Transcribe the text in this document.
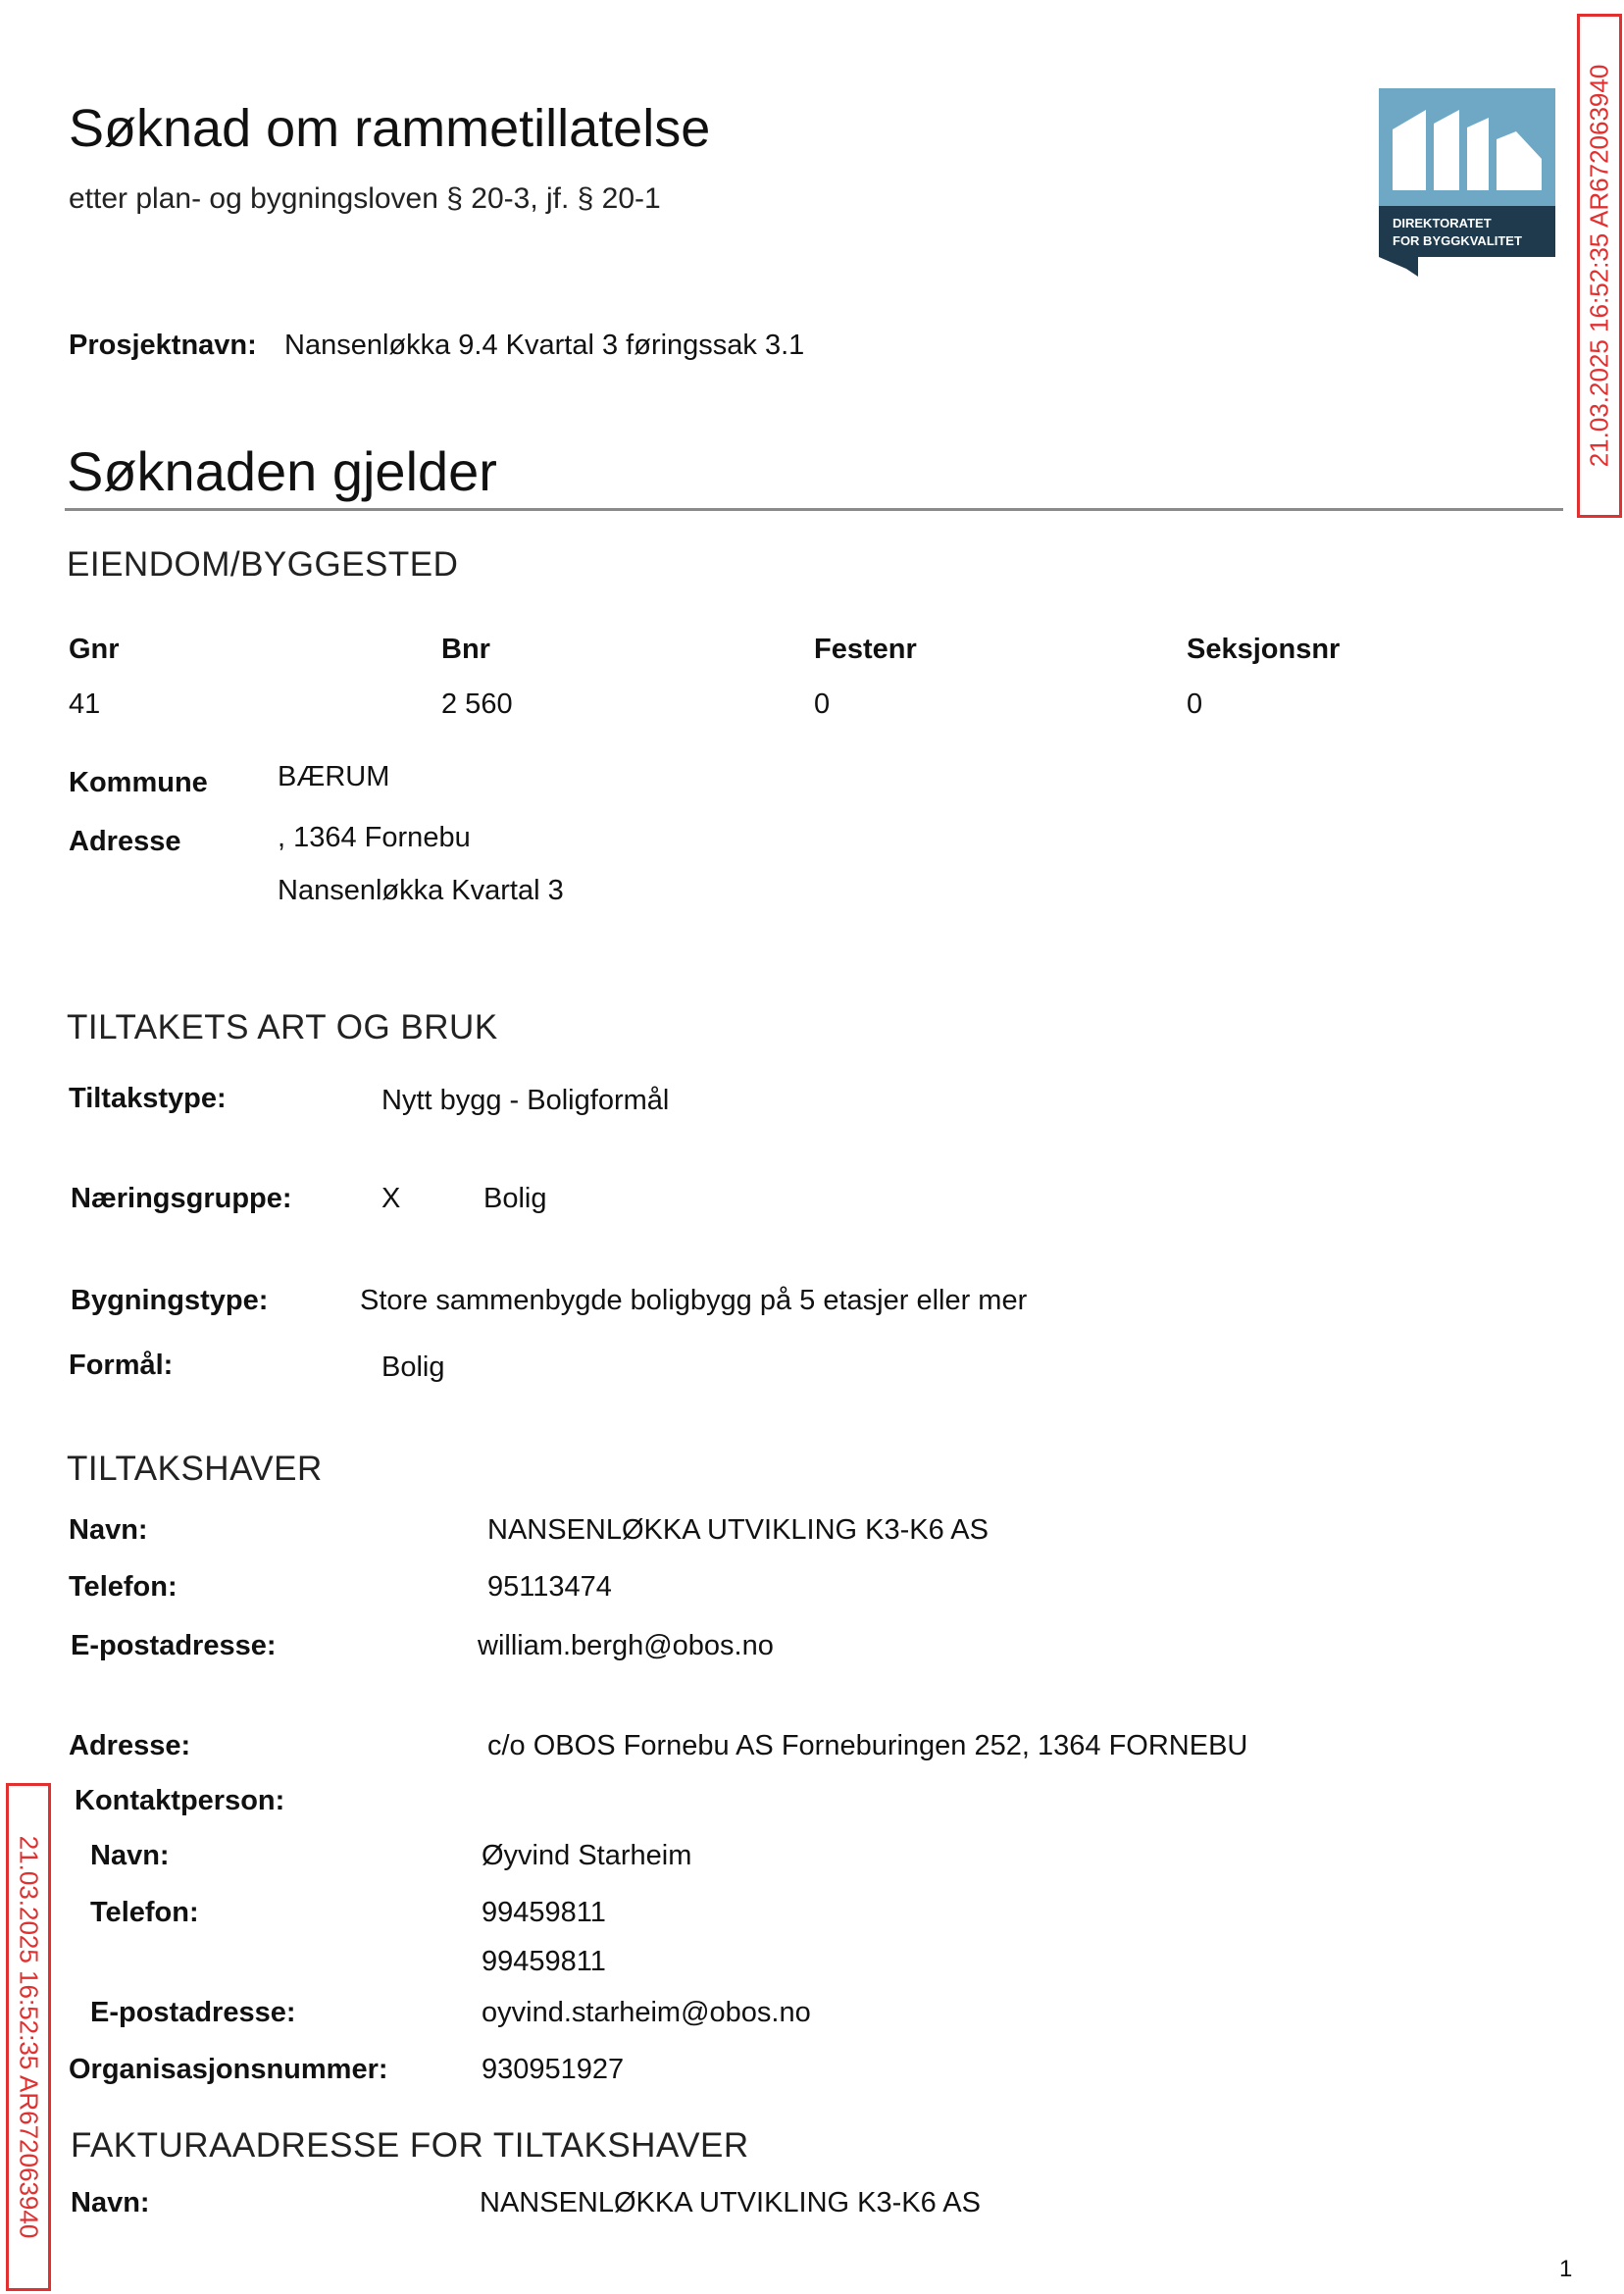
Søknad om rammetillatelse
etter plan- og bygningsloven § 20-3, jf. § 20-1
DIREKTORATET
FOR BYGGKVALITET 21.03.2025 16:52:35 AR672063940
Prosjektnavn: Nansenløkka 9.4 Kvartal 3 føringssak 3.1
Søknaden gjelder
EIENDOM/BYGGESTED
Gnr	Bnr	Festenr	Seksjonsnr
41	2 560	0	0
Kommune BÆRUM
Adresse	, 1364 Fornebu
Nansenløkka Kvartal 3
TILTAKETS ART OG BRUK
Tiltakstype:	Nytt bygg - Boligformål
Næringsgruppe:	X	Bolig
Bygningstype:	Store sammenbygde boligbygg på 5 etasjer eller mer
Formål:	Bolig
TILTAKSHAVER
Navn:	NANSENLØKKA UTVIKLING K3-K6 AS
Telefon:	95113474
E-postadresse:	william.bergh@obos.no
Adresse:	c/o OBOS Fornebu AS Forneburingen 252, 1364 FORNEBU
Kontaktperson:
Navn:	Øyvind Starheim
Telefon:	99459811
99459811
E-postadresse:	oyvind.starheim@obos.no
Organisasjonsnummer:	930951927
FAKTURAADRESSE FOR TILTAKSHAVER
Navn:	NANSENLØKKA UTVIKLING K3-K6 AS
21.03.2025 16:52:35 AR672063940
1
